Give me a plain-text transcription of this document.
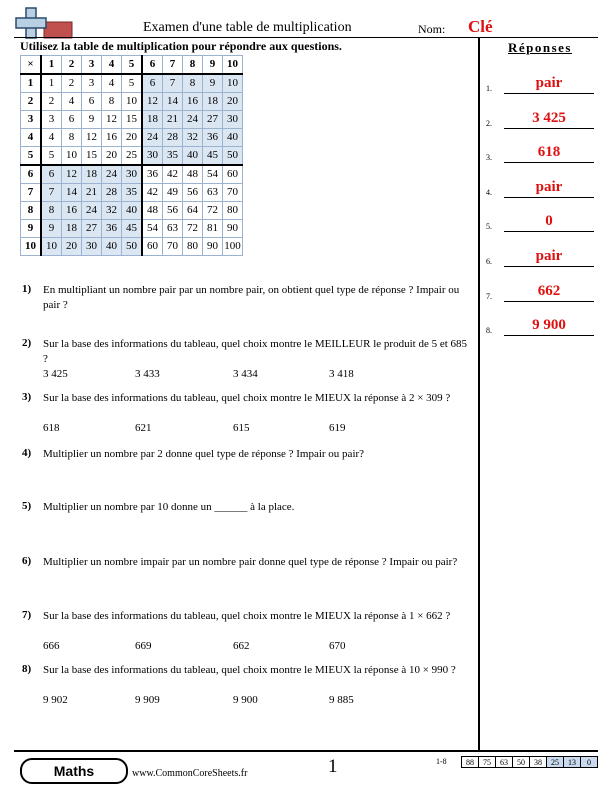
Examen d'une table de multiplication	Nom: Clé
Utilisez la table de multiplication pour répondre aux questions.
×	1	2	3	4	5	6	7	8	9	10
1	1	2	3	4	5	6	7	8	9	10
2	2	4	6	8	10	12	14	16	18	20
3	3	6	9	12	15	18	21	24	27	30
4	4	8	12	16	20	24	28	32	36	40
5	5	10	15	20	25	30	35	40	45	50
6	6	12	18	24	30	36	42	48	54	60
7	7	14	21	28	35	42	49	56	63	70
8	8	16	24	32	40	48	56	64	72	80
9	9	18	27	36	45	54	63	72	81	90
10	10	20	30	40	50	60	70	80	90	100
1) En multipliant un nombre pair par un nombre pair, on obtient quel type de réponse ? Impair ou pair ?
2) Sur la base des informations du tableau, quel choix montre le MEILLEUR le produit de 5 et 685 ?
3 425	3 433	3 434	3 418
3) Sur la base des informations du tableau, quel choix montre le MIEUX la réponse à 2 × 309 ?
618	621	615	619
4) Multiplier un nombre par 2 donne quel type de réponse ? Impair ou pair?
5) Multiplier un nombre par 10 donne un ______ à la place.
6) Multiplier un nombre impair par un nombre pair donne quel type de réponse ? Impair ou pair?
7) Sur la base des informations du tableau, quel choix montre le MIEUX la réponse à 1 × 662 ?
666	669	662	670
8) Sur la base des informations du tableau, quel choix montre le MIEUX la réponse à 10 × 990 ?
9 902	9 909	9 900	9 885
Réponses
1.	pair
2.	3 425
3.	618
4.	pair
5.	0
6.	pair
7.	662
8.	9 900
Maths	www.CommonCoreSheets.fr	1	1-8	88	75	63	50	38	25	13	0
